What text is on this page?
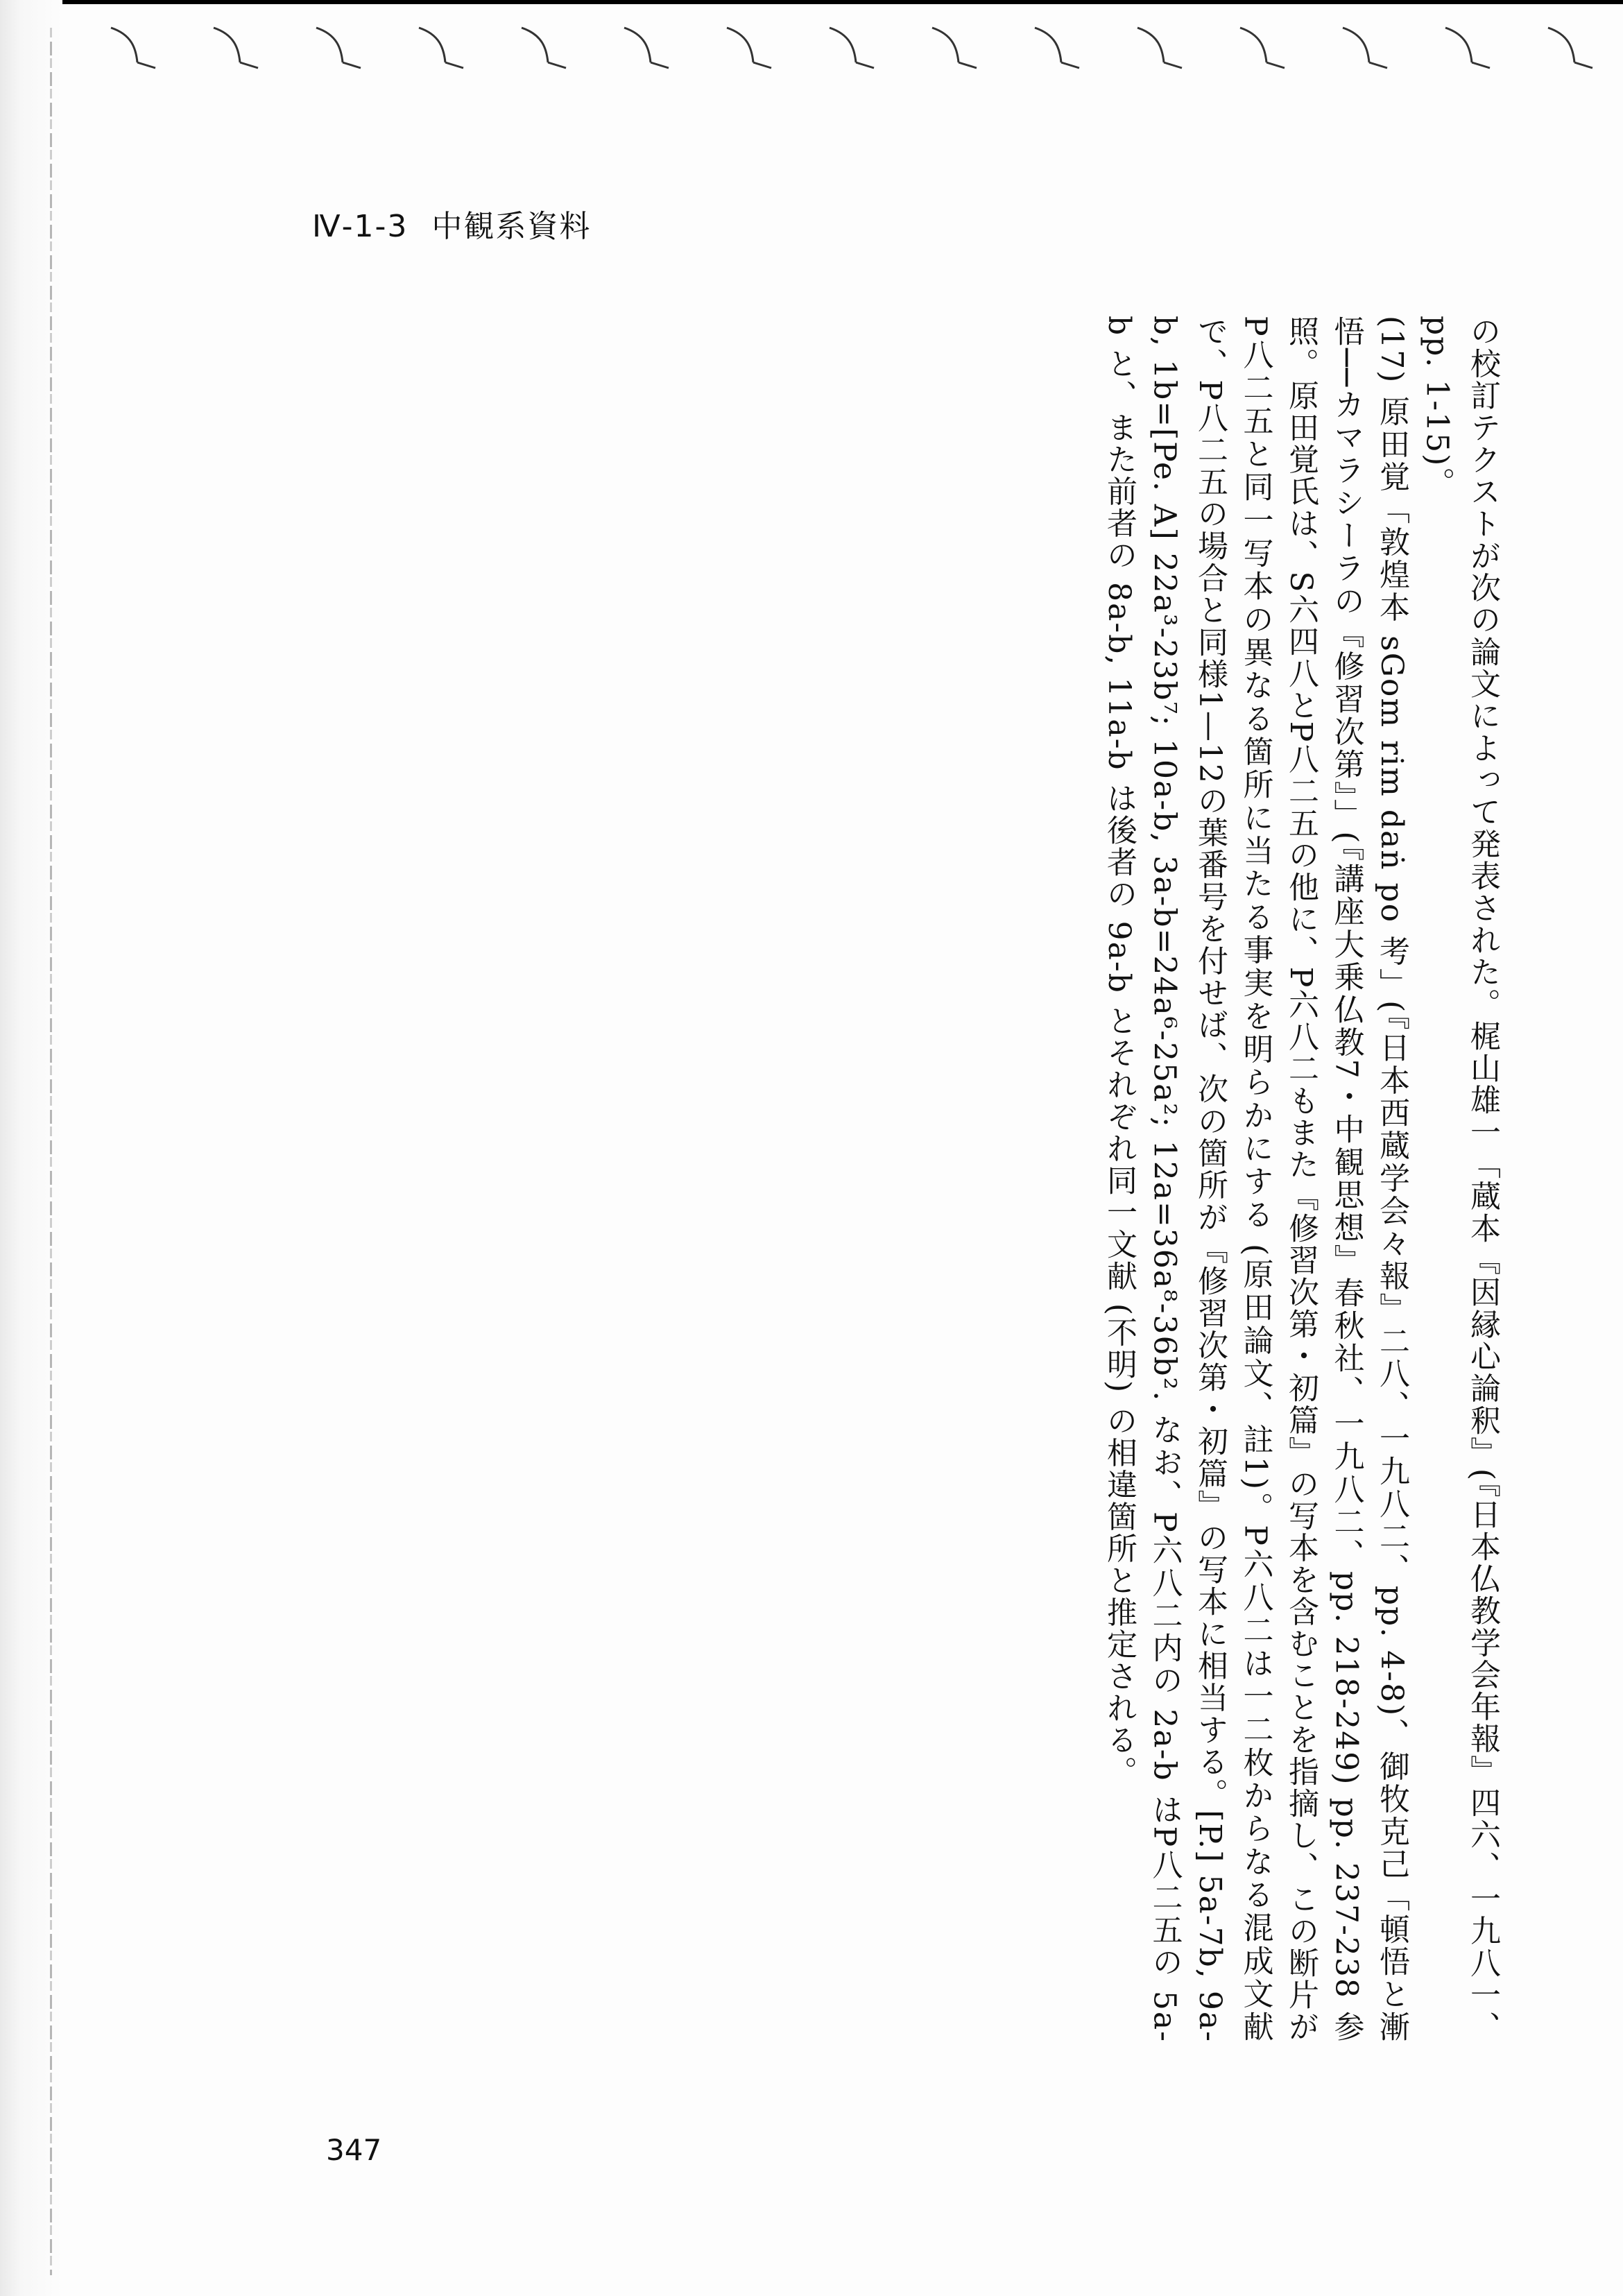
Ⅳ-1-3 中観系資料

の校訂テクストが次の論文によって発表された。梶山雄一「蔵本『因縁心論釈』(『日本仏教学会年報』四六、一九八一、pp. 1-15)。

(17) 原田覚「敦煌本 sGom rim daṅ po 考」(『日本西蔵学会々報』二八、一九八二、pp. 4-8)、御牧克己「頓悟と漸悟──カマラシーラの『修習次第』」(『講座大乗仏教7・中観思想』春秋社、一九八二、pp. 218-249) pp. 237-238 参照。原田覚氏は、S六四八とP八二五の他に、P六八二もまた『修習次第・初篇』の写本を含むことを指摘し、この断片がP八二五と同一写本の異なる箇所に当たる事実を明らかにする (原田論文、註1)。P六八二は一二枚からなる混成文献で、P八二五の場合と同様1—12の葉番号を付せば、次の箇所が『修習次第・初篇』の写本に相当する。[P.] 5a-7b, 9a-b, 1b=[Pe. A] 22a³-23b⁷; 10a-b, 3a-b=24a⁶-25a²; 12a=36a⁸-36b². なお、P六八二内の 2a-b はP八二五の 5a-b と、また前者の 8a-b, 11a-b は後者の 9a-b とそれぞれ同一文献 (不明) の相違箇所と推定される。

347
